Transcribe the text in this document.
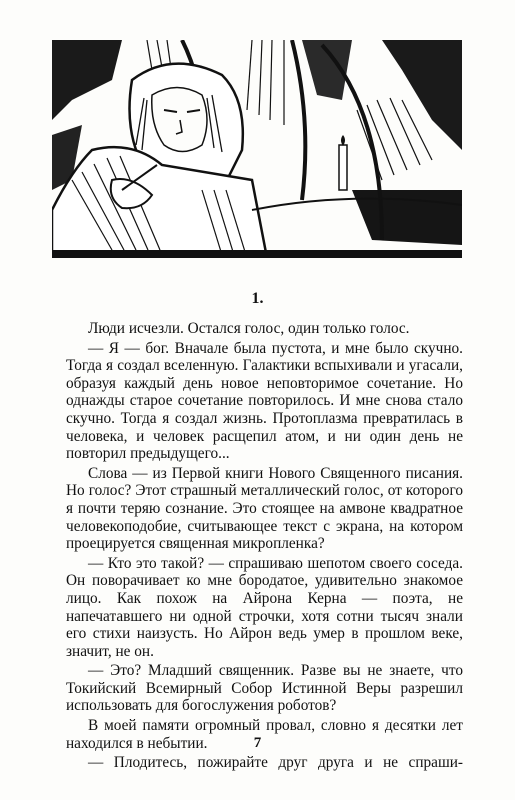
1.

Люди исчезли. Остался голос, один только голос.

— Я — бог. Вначале была пустота, и мне было скучно. Тогда я создал вселенную. Галактики вспыхивали и угасали, образуя каждый день новое неповторимое сочетание. Но однажды старое сочетание повторилось. И мне снова стало скучно. Тогда я создал жизнь. Протоплазма превратилась в человека, и человек расщепил атом, и ни один день не повторил предыдущего...

Слова — из Первой книги Нового Священного писания. Но голос? Этот страшный металлический голос, от которого я почти теряю сознание. Это стоящее на амвоне квадратное человекоподобие, считывающее текст с экрана, на котором проецируется священная микропленка?

— Кто это такой? — спрашиваю шепотом своего соседа. Он поворачивает ко мне бородатое, удивительно знакомое лицо. Как похож на Айрона Керна — поэта, не напечатавшего ни одной строчки, хотя сотни тысяч знали его стихи наизусть. Но Айрон ведь умер в прошлом веке, значит, не он.

— Это? Младший священник. Разве вы не знаете, что Токийский Всемирный Собор Истинной Веры разрешил использовать для богослужения роботов?

В моей памяти огромный провал, словно я десятки лет находился в небытии.

— Плодитесь, пожирайте друг друга и не спраши-

7
